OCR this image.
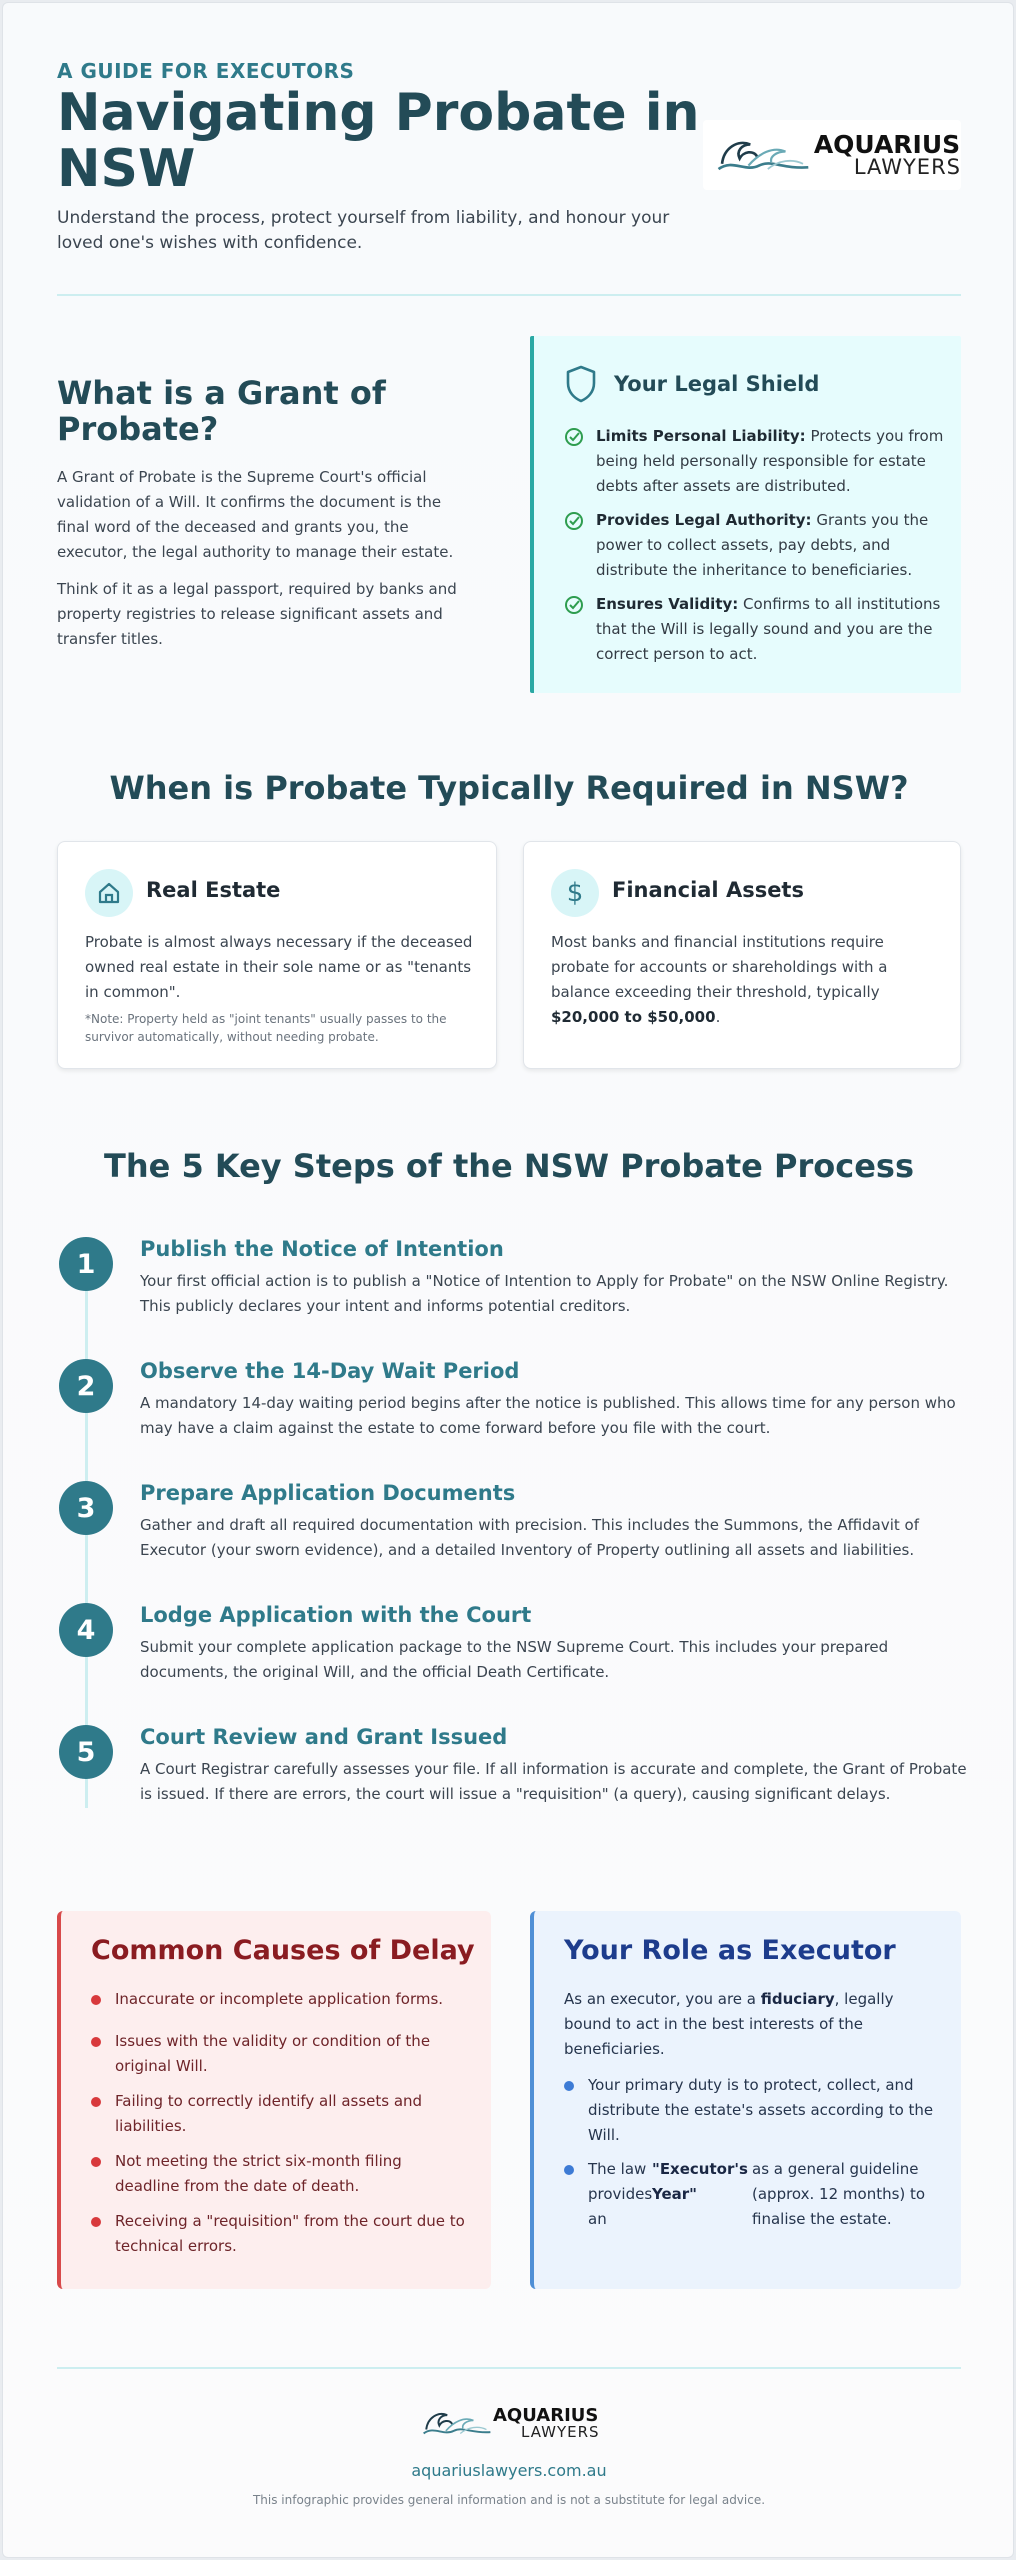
A GUIDE FOR EXECUTORS
Navigating Probate in NSW
Understand the process, protect yourself from liability, and honour your loved one's wishes with confidence.
AQUARIUS
LAWYERS
What is a Grant of Probate?
A Grant of Probate is the Supreme Court's official validation of a Will. It confirms the document is the final word of the deceased and grants you, the executor, the legal authority to manage their estate.
Think of it as a legal passport, required by banks and property registries to release significant assets and transfer titles.
Your Legal Shield
Limits Personal Liability: Protects you from being held personally responsible for estate debts after assets are distributed.
Provides Legal Authority: Grants you the power to collect assets, pay debts, and distribute the inheritance to beneficiaries.
Ensures Validity: Confirms to all institutions that the Will is legally sound and you are the correct person to act.
When is Probate Typically Required in NSW?
Real Estate
Probate is almost always necessary if the deceased owned real estate in their sole name or as "tenants in common".
*Note: Property held as "joint tenants" usually passes to the survivor automatically, without needing probate.
$ Financial Assets
Most banks and financial institutions require probate for accounts or shareholdings with a balance exceeding their threshold, typically $20,000 to $50,000.
The 5 Key Steps of the NSW Probate Process
1	Publish the Notice of Intention
Your first official action is to publish a "Notice of Intention to Apply for Probate" on the NSW Online Registry. This publicly declares your intent and informs potential creditors.
2	Observe the 14-Day Wait Period
A mandatory 14-day waiting period begins after the notice is published. This allows time for any person who may have a claim against the estate to come forward before you file with the court.
3	Prepare Application Documents
Gather and draft all required documentation with precision. This includes the Summons, the Affidavit of Executor (your sworn evidence), and a detailed Inventory of Property outlining all assets and liabilities.
4	Lodge Application with the Court
Submit your complete application package to the NSW Supreme Court. This includes your prepared documents, the original Will, and the official Death Certificate.
5	Court Review and Grant Issued
A Court Registrar carefully assesses your file. If all information is accurate and complete, the Grant of Probate is issued. If there are errors, the court will issue a "requisition" (a query), causing significant delays.
Common Causes of Delay
Inaccurate or incomplete application forms.
Issues with the validity or condition of the original Will.
Failing to correctly identify all assets and liabilities.
Not meeting the strict six-month filing deadline from the date of death.
Receiving a "requisition" from the court due to technical errors.
Your Role as Executor
As an executor, you are a fiduciary, legally bound to act in the best interests of the beneficiaries.
Your primary duty is to protect, collect, and distribute the estate's assets according to the Will.
The law provides an
"Executor's Year"
as a general guideline (approx. 12 months) to finalise the estate.
AQUARIUS
LAWYERS
aquariuslawyers.com.au
This infographic provides general information and is not a substitute for legal advice.
